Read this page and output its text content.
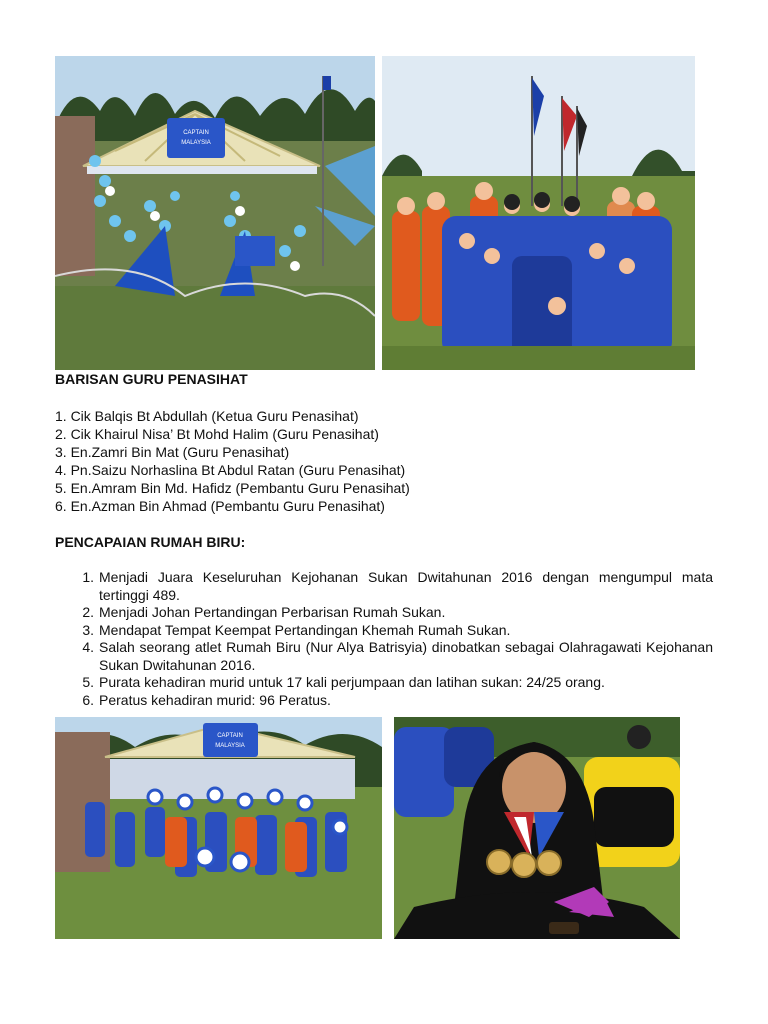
CAPTAIN
MALAYSIA
BARISAN GURU PENASIHAT
1. Cik Balqis Bt Abdullah (Ketua Guru Penasihat)
2. Cik Khairul Nisa’ Bt Mohd Halim (Guru Penasihat)
3. En.Zamri Bin Mat (Guru Penasihat)
4. Pn.Saizu Norhaslina Bt Abdul Ratan (Guru Penasihat)
5. En.Amram Bin Md. Hafidz (Pembantu Guru Penasihat)
6. En.Azman Bin Ahmad (Pembantu Guru Penasihat)
PENCAPAIAN RUMAH BIRU:
1. Menjadi Juara Keseluruhan Kejohanan Sukan Dwitahunan 2016 dengan mengumpul mata tertinggi 489.
2. Menjadi Johan Pertandingan Perbarisan Rumah Sukan.
3. Mendapat Tempat Keempat Pertandingan Khemah Rumah Sukan.
4. Salah seorang atlet Rumah Biru (Nur Alya Batrisyia) dinobatkan sebagai Olahragawati Kejohanan Sukan Dwitahunan 2016.
5. Purata kehadiran murid untuk 17 kali perjumpaan dan latihan sukan: 24/25 orang.
6. Peratus kehadiran murid: 96 Peratus.
CAPTAIN
MALAYSIA
